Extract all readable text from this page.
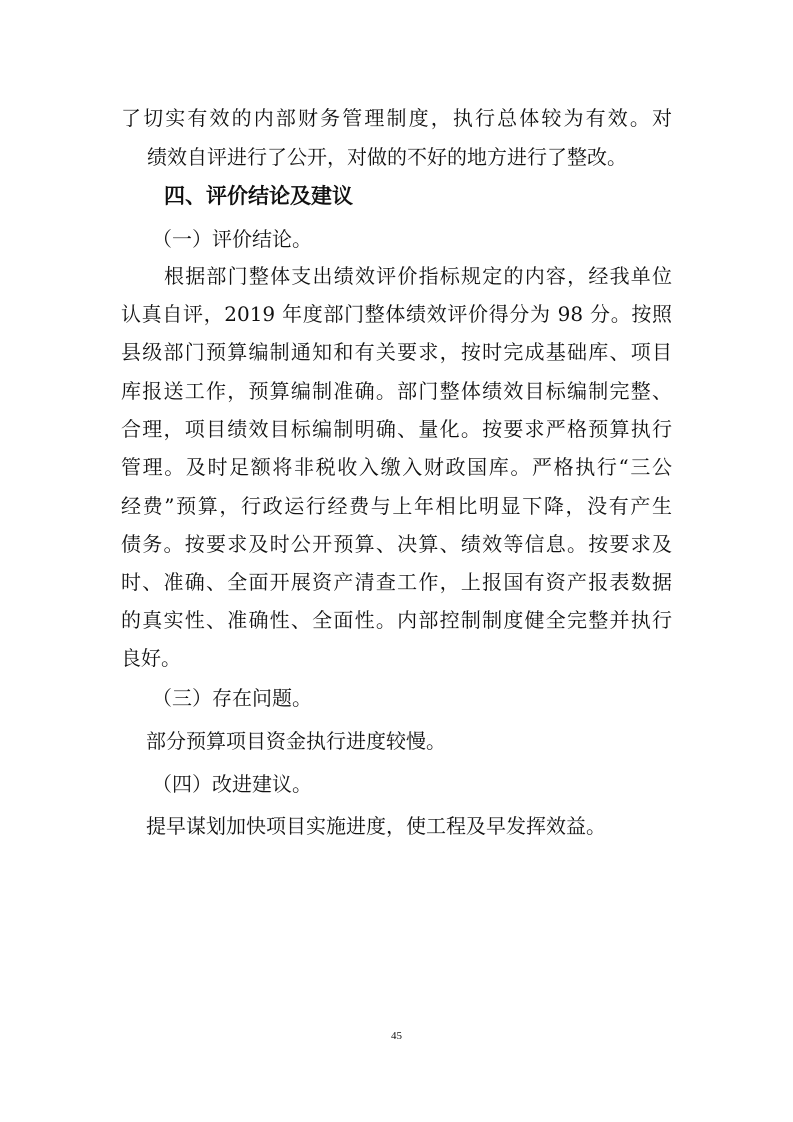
了切实有效的内部财务管理制度，执行总体较为有效。对

绩效自评进行了公开，对做的不好的地方进行了整改。

四、评价结论及建议

（一）评价结论。

根据部门整体支出绩效评价指标规定的内容，经我单位

认真自评，2019 年度部门整体绩效评价得分为 98 分。按照

县级部门预算编制通知和有关要求，按时完成基础库、项目

库报送工作，预算编制准确。部门整体绩效目标编制完整、

合理，项目绩效目标编制明确、量化。按要求严格预算执行

管理。及时足额将非税收入缴入财政国库。严格执行“三公

经费”预算，行政运行经费与上年相比明显下降，没有产生

债务。按要求及时公开预算、决算、绩效等信息。按要求及

时、准确、全面开展资产清查工作，上报国有资产报表数据

的真实性、准确性、全面性。内部控制制度健全完整并执行

良好。

（三）存在问题。

部分预算项目资金执行进度较慢。

（四）改进建议。

提早谋划加快项目实施进度，使工程及早发挥效益。

45
